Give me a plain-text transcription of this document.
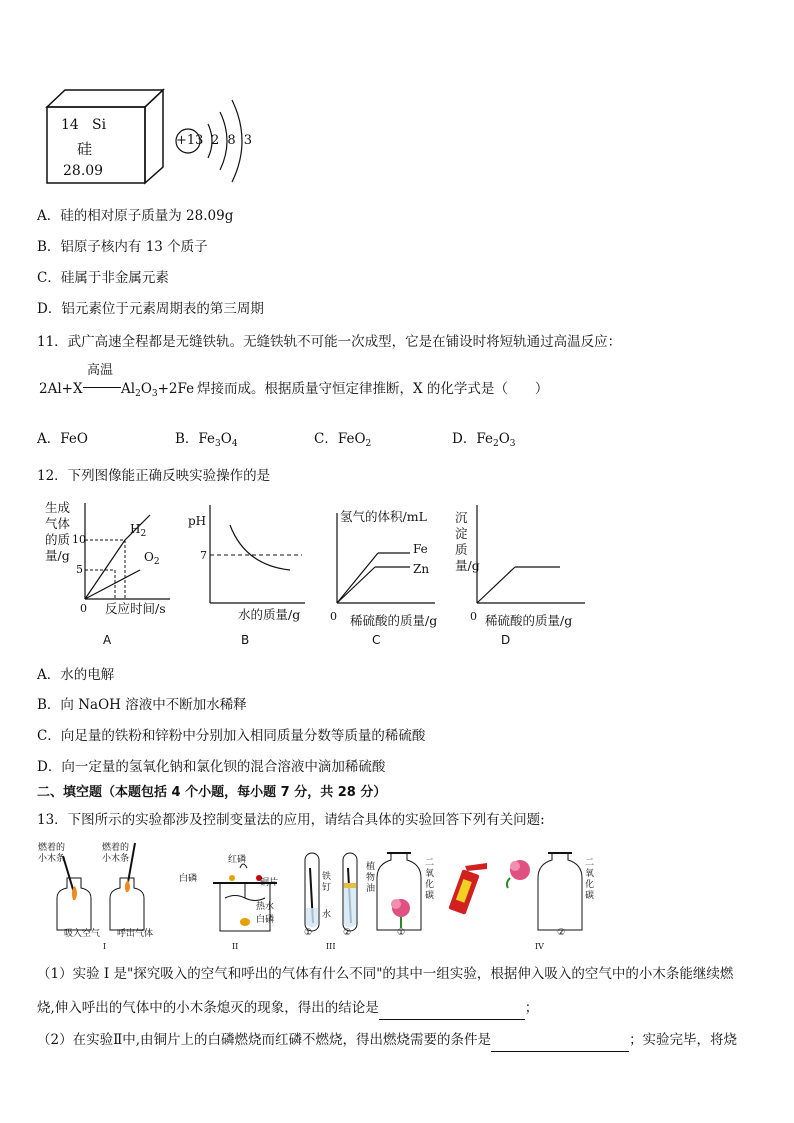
14 Si
硅
28.09
+13 2 8 3
A．硅的相对原子质量为 28.09g
B．铝原子核内有 13 个质子
C．硅属于非金属元素
D．铝元素位于元素周期表的第三周期
11．武广高速全程都是无缝铁轨。无缝铁轨不可能一次成型，它是在铺设时将短轨通过高温反应：
2Al+X
高温
$Al_2O_3+2Fe$ 焊接而成。根据质量守恒定律推断，X 的化学式是（　　）
A．FeO	B．$Fe_3O_4$	C．FeO$_2$	D．$Fe_2O_3$
12．下列图像能正确反映实验操作的是
生成气体的质量/g
10
5
$H_2$
$O_2$
0 反应时间/s
A
pH
7
水的质量/g
B
氢气的体积/mL
Fe
Zn
0 稀硫酸的质量/g
C
沉淀质量/g
0 稀硫酸的质量/g
D
A．水的电解
B．向 NaOH 溶液中不断加水稀释
C．向足量的铁粉和锌粉中分别加入相同质量分数等质量的稀硫酸
D．向一定量的氢氧化钠和氯化钡的混合溶液中滴加稀硫酸
二、填空题（本题包括 4 个小题，每小题 7 分，共 28 分）
13．下图所示的实验都涉及控制变量法的应用，请结合具体的实验回答下列有关问题:
燃着的小木条
燃着的小木条
吸入空气 呼出气体
I
红磷
白磷	铜片
热水
白磷
II
铁钉
水
植物油
①	②
III
二氧化碳
二氧化碳
①	②
IV
（1）实验 I 是"探究吸入的空气和呼出的气体有什么不同"的其中一组实验，根据伸入吸入的空气中的小木条能继续燃
烧,伸入呼出的气体中的小木条熄灭的现象，得出的结论是	；
（2）在实验Ⅱ中,由铜片上的白磷燃烧而红磷不燃烧，得出燃烧需要的条件是	；实验完毕，将烧
